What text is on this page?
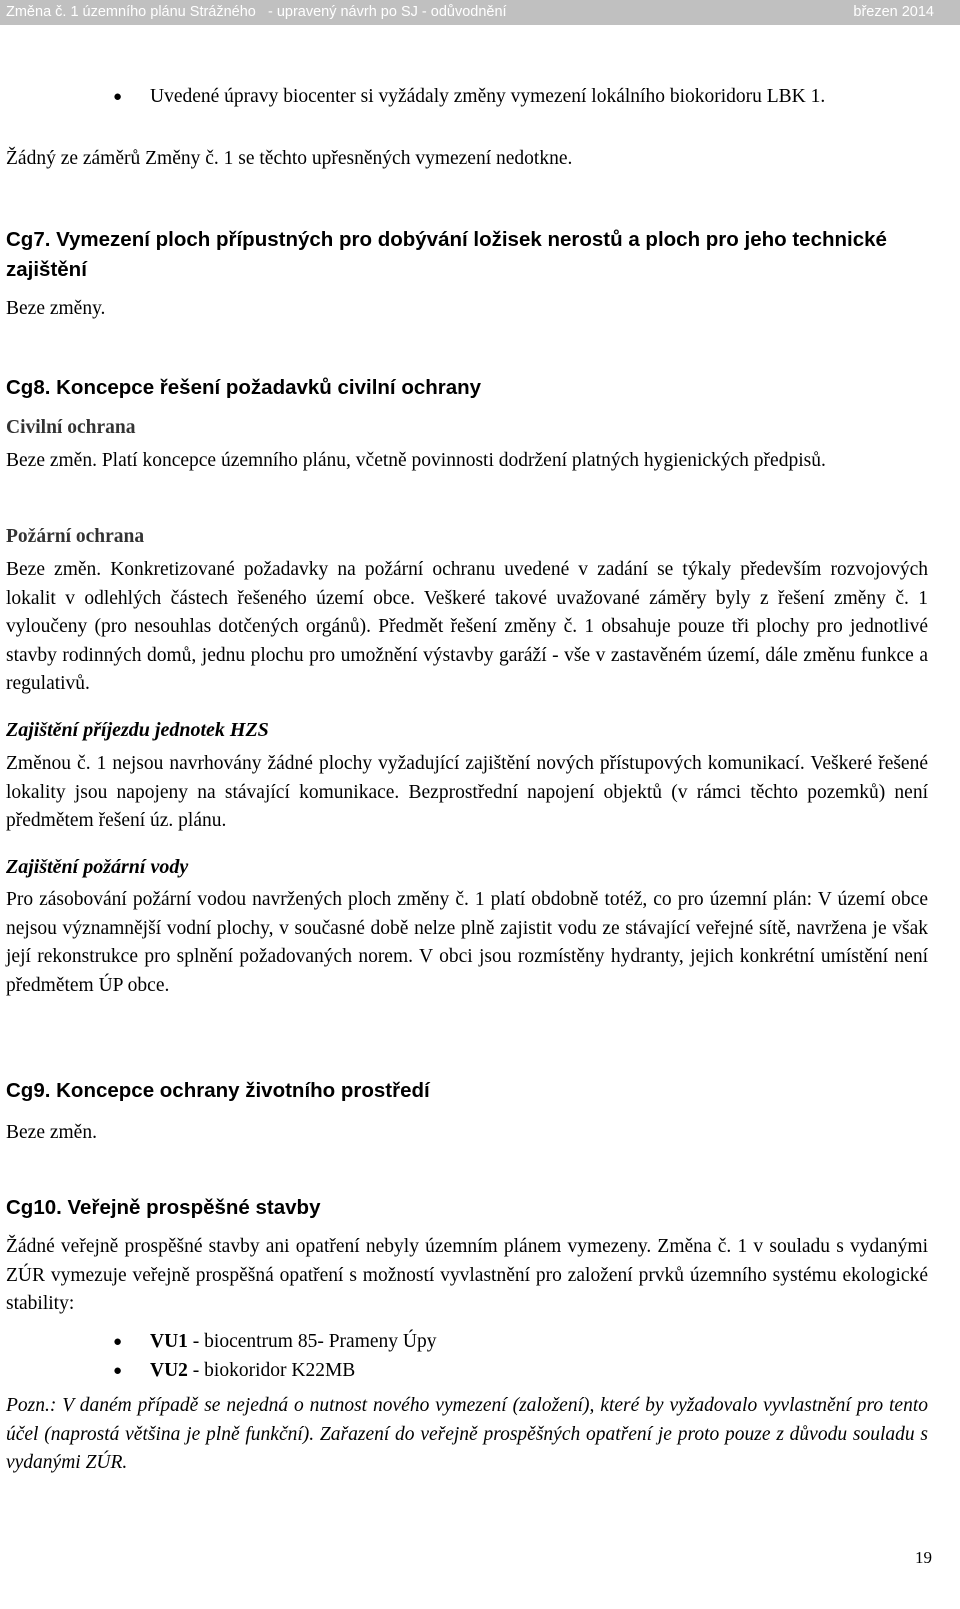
Změna č. 1 územního plánu Strážného   - upravený návrh po SJ - odůvodnění	březen 2014
●	Uvedené úpravy biocenter si vyžádaly změny vymezení lokálního biokoridoru LBK 1.

Žádný ze záměrů Změny č. 1 se těchto upřesněných vymezení nedotkne.

Cg7. Vymezení ploch přípustných pro dobývání ložisek nerostů a ploch pro jeho technické zajištění

Beze změny.

Cg8. Koncepce řešení požadavků civilní ochrany
Civilní ochrana

Beze změn. Platí koncepce územního plánu, včetně povinnosti dodržení platných hygienických předpisů.

Požární ochrana

Beze změn. Konkretizované požadavky na požární ochranu uvedené v zadání se týkaly především rozvojových lokalit v odlehlých částech řešeného území obce. Veškeré takové uvažované záměry byly z řešení změny č. 1 vyloučeny (pro nesouhlas dotčených orgánů). Předmět řešení změny č. 1 obsahuje pouze tři plochy pro jednotlivé stavby rodinných domů, jednu plochu pro umožnění výstavby garáží - vše v zastavěném území, dále změnu funkce a regulativů.

Zajištění příjezdu jednotek HZS

Změnou č. 1 nejsou navrhovány žádné plochy vyžadující zajištění nových přístupových komunikací. Veškeré řešené lokality jsou napojeny na stávající komunikace. Bezprostřední napojení objektů (v rámci těchto pozemků) není předmětem řešení úz. plánu.

Zajištění požární vody

Pro zásobování požární vodou navržených ploch změny č. 1 platí obdobně totéž, co pro územní plán: V území obce nejsou významnější vodní plochy, v současné době nelze plně zajistit vodu ze stávající veřejné sítě, navržena je však její rekonstrukce pro splnění požadovaných norem. V obci jsou rozmístěny hydranty, jejich konkrétní umístění není předmětem ÚP obce.

Cg9. Koncepce ochrany životního prostředí

Beze změn.

Cg10. Veřejně prospěšné stavby

Žádné veřejně prospěšné stavby ani opatření nebyly územním plánem vymezeny. Změna č. 1 v souladu s vydanými ZÚR vymezuje veřejně prospěšná opatření s možností vyvlastnění pro založení prvků územního systému ekologické stability:

●	VU1 - biocentrum 85- Prameny Úpy

●	VU2 - biokoridor K22MB

Pozn.: V daném případě se nejedná o nutnost nového vymezení (založení), které by vyžadovalo vyvlastnění pro tento účel (naprostá většina je plně funkční). Zařazení do veřejně prospěšných opatření je proto pouze z důvodu souladu s vydanými ZÚR.

19
